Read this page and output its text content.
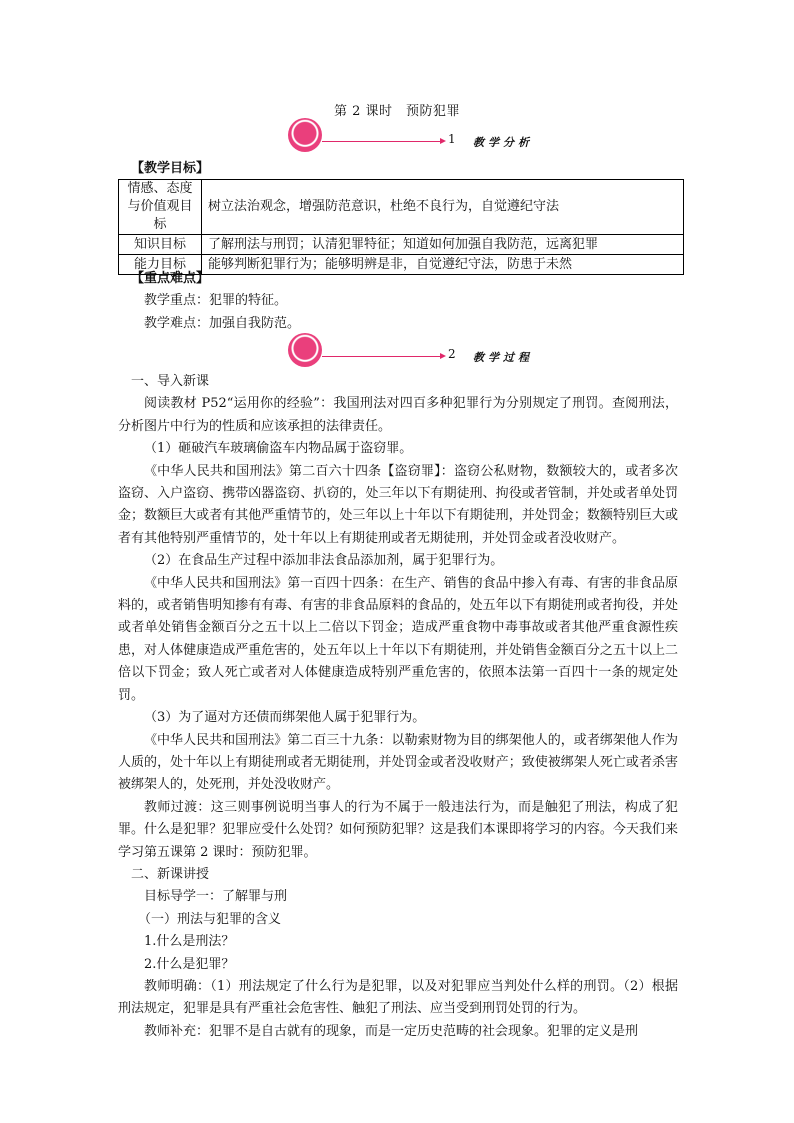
第 2 课时　预防犯罪
1 教学分析

【教学目标】

情感、态度与价值观目标	树立法治观念，增强防范意识，杜绝不良行为，自觉遵纪守法
知识目标	了解刑法与刑罚；认清犯罪特征；知道如何加强自我防范，远离犯罪
能力目标	能够判断犯罪行为；能够明辨是非，自觉遵纪守法，防患于未然

【重点难点】

教学重点：犯罪的特征。

教学难点：加强自我防范。

2 教学过程

一、导入新课

阅读教材 P52“运用你的经验”：我国刑法对四百多种犯罪行为分别规定了刑罚。查阅刑法，分析图片中行为的性质和应该承担的法律责任。

（1）砸破汽车玻璃偷盗车内物品属于盗窃罪。

《中华人民共和国刑法》第二百六十四条【盗窃罪】：盗窃公私财物，数额较大的，或者多次盗窃、入户盗窃、携带凶器盗窃、扒窃的，处三年以下有期徒刑、拘役或者管制，并处或者单处罚金；数额巨大或者有其他严重情节的，处三年以上十年以下有期徒刑，并处罚金；数额特别巨大或者有其他特别严重情节的，处十年以上有期徒刑或者无期徒刑，并处罚金或者没收财产。

（2）在食品生产过程中添加非法食品添加剂，属于犯罪行为。

《中华人民共和国刑法》第一百四十四条：在生产、销售的食品中掺入有毒、有害的非食品原料的，或者销售明知掺有有毒、有害的非食品原料的食品的，处五年以下有期徒刑或者拘役，并处或者单处销售金额百分之五十以上二倍以下罚金；造成严重食物中毒事故或者其他严重食源性疾患，对人体健康造成严重危害的，处五年以上十年以下有期徒刑，并处销售金额百分之五十以上二倍以下罚金；致人死亡或者对人体健康造成特别严重危害的，依照本法第一百四十一条的规定处罚。

（3）为了逼对方还债而绑架他人属于犯罪行为。

《中华人民共和国刑法》第二百三十九条：以勒索财物为目的绑架他人的，或者绑架他人作为人质的，处十年以上有期徒刑或者无期徒刑，并处罚金或者没收财产；致使被绑架人死亡或者杀害被绑架人的，处死刑，并处没收财产。

教师过渡：这三则事例说明当事人的行为不属于一般违法行为，而是触犯了刑法，构成了犯罪。什么是犯罪？犯罪应受什么处罚？如何预防犯罪？这是我们本课即将学习的内容。今天我们来学习第五课第 2 课时：预防犯罪。

二、新课讲授

目标导学一：了解罪与刑

（一）刑法与犯罪的含义

1.什么是刑法？

2.什么是犯罪？

教师明确：（1）刑法规定了什么行为是犯罪，以及对犯罪应当判处什么样的刑罚。（2）根据刑法规定，犯罪是具有严重社会危害性、触犯了刑法、应当受到刑罚处罚的行为。

教师补充：犯罪不是自古就有的现象，而是一定历史范畴的社会现象。犯罪的定义是刑
